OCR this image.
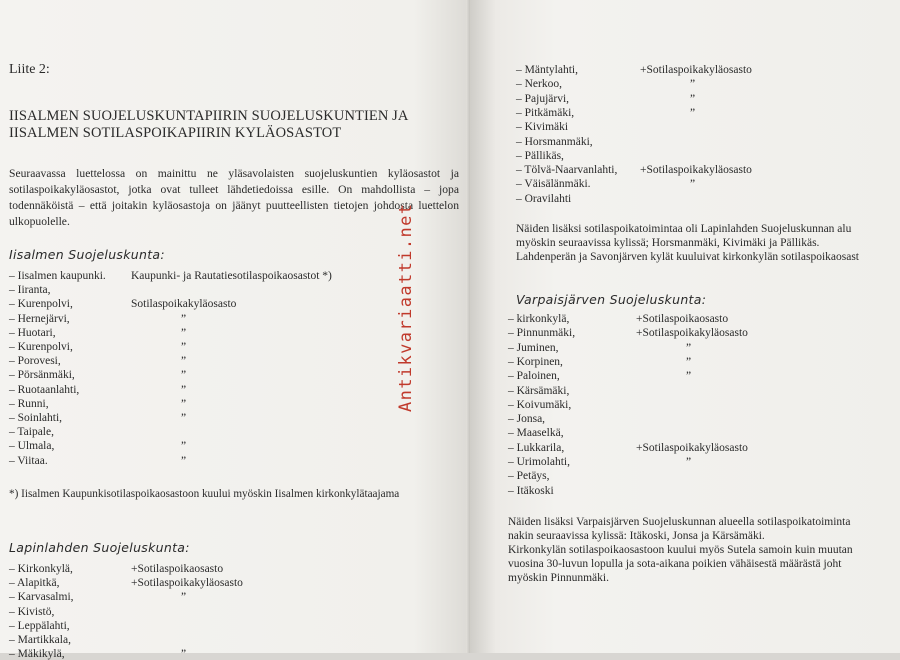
Liite 2:
IISALMEN SUOJELUSKUNTAPIIRIN SUOJELUSKUNTIEN JA
IISALMEN SOTILASPOIKAPIIRIN KYLÄOSASTOT
Seuraavassa luettelossa on mainittu ne yläsavolaisten suojeluskuntien kyläosastot ja sotilaspoikakyläosastot, jotka ovat tulleet lähdetiedoissa esille. On mahdollista – jopa todennäköistä – että joitakin kyläosastoja on jäänyt puutteellisten tietojen johdosta luettelon ulkopuolelle.
Iisalmen Suojeluskunta:
– Iisalmen kaupunki. Kaupunki- ja Rautatiesotilaspoikaosastot *)
– Iiranta,
– Kurenpolvi,	Sotilaspoikakyläosasto
– Hernejärvi,	”
– Huotari,	”
– Kurenpolvi,	”
– Porovesi,	”
– Pörsänmäki,	”
– Ruotaanlahti,	”
– Runni,	”
– Soinlahti,	”
– Taipale,
– Ulmala,	”
– Viitaa.	”
*) Iisalmen Kaupunkisotilaspoikaosastoon kuului myöskin Iisalmen kirkonkylätaajama
Lapinlahden Suojeluskunta:
– Kirkonkylä,	+Sotilaspoikaosasto
– Alapitkä,	+Sotilaspoikakyläosasto
– Karvasalmi,	”
– Kivistö,
– Leppälahti,
– Martikkala,
– Mäkikylä,	”
Antikvariaatti.net
– Mäntylahti,	+Sotilaspoikakyläosasto
– Nerkoo,	”
– Pajujärvi,	”
– Pitkämäki,	”
– Kivimäki
– Horsmanmäki,
– Pällikäs,
– Tölvä-Naarvanlahti, +Sotilaspoikakyläosasto
– Väisälänmäki.	”
– Oravilahti
Näiden lisäksi sotilaspoikatoimintaa oli Lapinlahden Suojeluskunnan alu
myöskin seuraavissa kylissä; Horsmanmäki, Kivimäki ja Pällikäs.
Lahdenperän ja Savonjärven kylät kuuluivat kirkonkylän sotilaspoikaosast
Varpaisjärven Suojeluskunta:
– kirkonkylä,	+Sotilaspoikaosasto
– Pinnunmäki,	+Sotilaspoikakyläosasto
– Juminen,	”
– Korpinen,	”
– Paloinen,	”
– Kärsämäki,
– Koivumäki,
– Jonsa,
– Maaselkä,
– Lukkarila,	+Sotilaspoikakyläosasto
– Urimolahti,	”
– Petäys,
– Itäkoski
Näiden lisäksi Varpaisjärven Suojeluskunnan alueella sotilaspoikatoiminta
nakin seuraavissa kylissä: Itäkoski, Jonsa ja Kärsämäki.
Kirkonkylän sotilaspoikaosastoon kuului myös Sutela samoin kuin muutan
vuosina 30-luvun lopulla ja sota-aikana poikien vähäisestä määrästä joht
myöskin Pinnunmäki.
